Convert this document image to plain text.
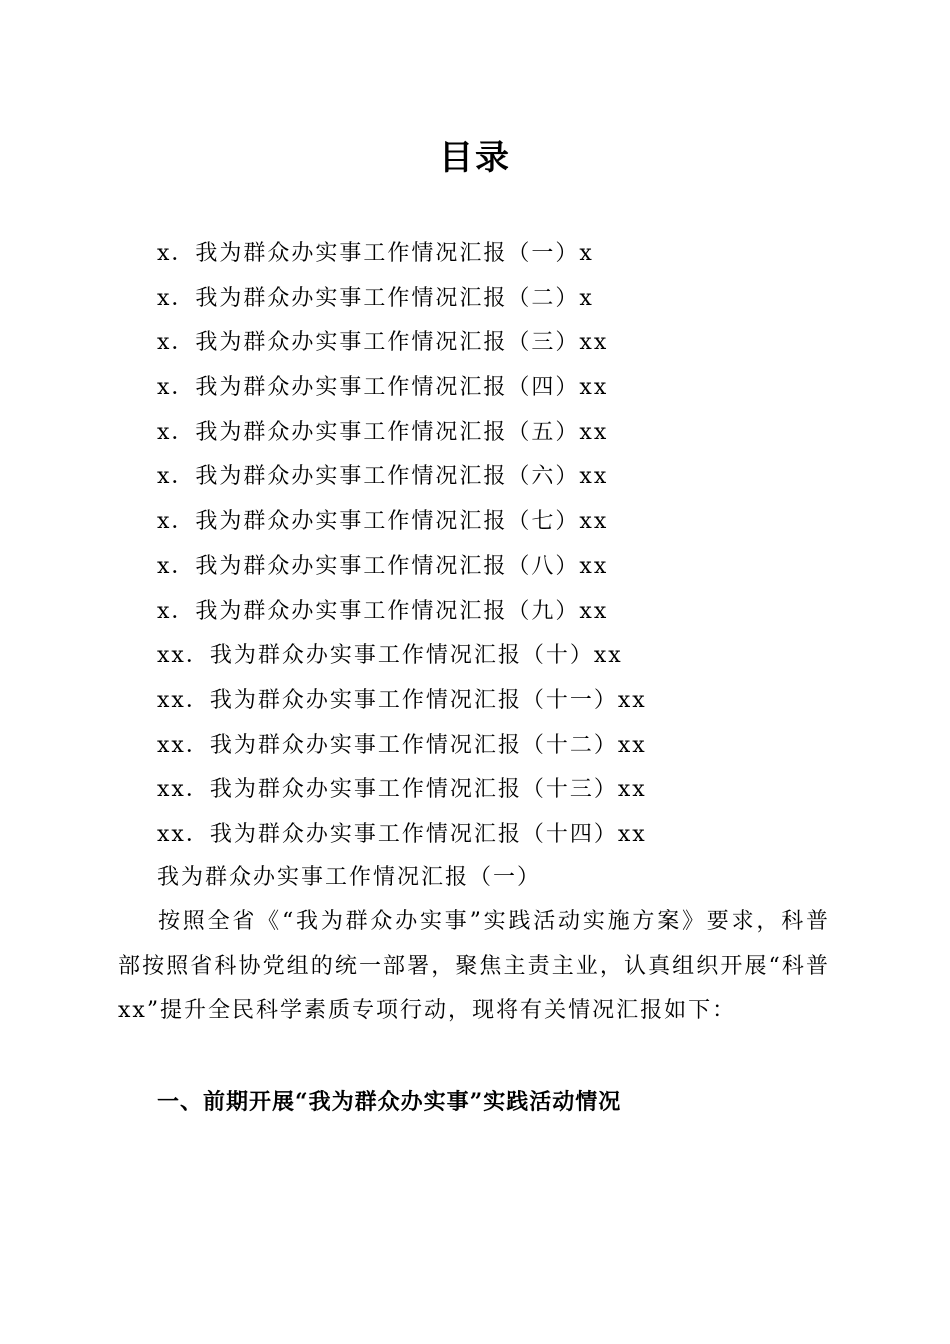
目录
x．我为群众办实事工作情况汇报（一）x
x．我为群众办实事工作情况汇报（二）x
x．我为群众办实事工作情况汇报（三）xx
x．我为群众办实事工作情况汇报（四）xx
x．我为群众办实事工作情况汇报（五）xx
x．我为群众办实事工作情况汇报（六）xx
x．我为群众办实事工作情况汇报（七）xx
x．我为群众办实事工作情况汇报（八）xx
x．我为群众办实事工作情况汇报（九）xx
xx．我为群众办实事工作情况汇报（十）xx
xx．我为群众办实事工作情况汇报（十一）xx
xx．我为群众办实事工作情况汇报（十二）xx
xx．我为群众办实事工作情况汇报（十三）xx
xx．我为群众办实事工作情况汇报（十四）xx
我为群众办实事工作情况汇报（一）

按照全省《“我为群众办实事”实践活动实施方案》要求，科普部按照省科协党组的统一部署，聚焦主责主业，认真组织开展“科普xx”提升全民科学素质专项行动，现将有关情况汇报如下：

一、前期开展“我为群众办实事”实践活动情况
